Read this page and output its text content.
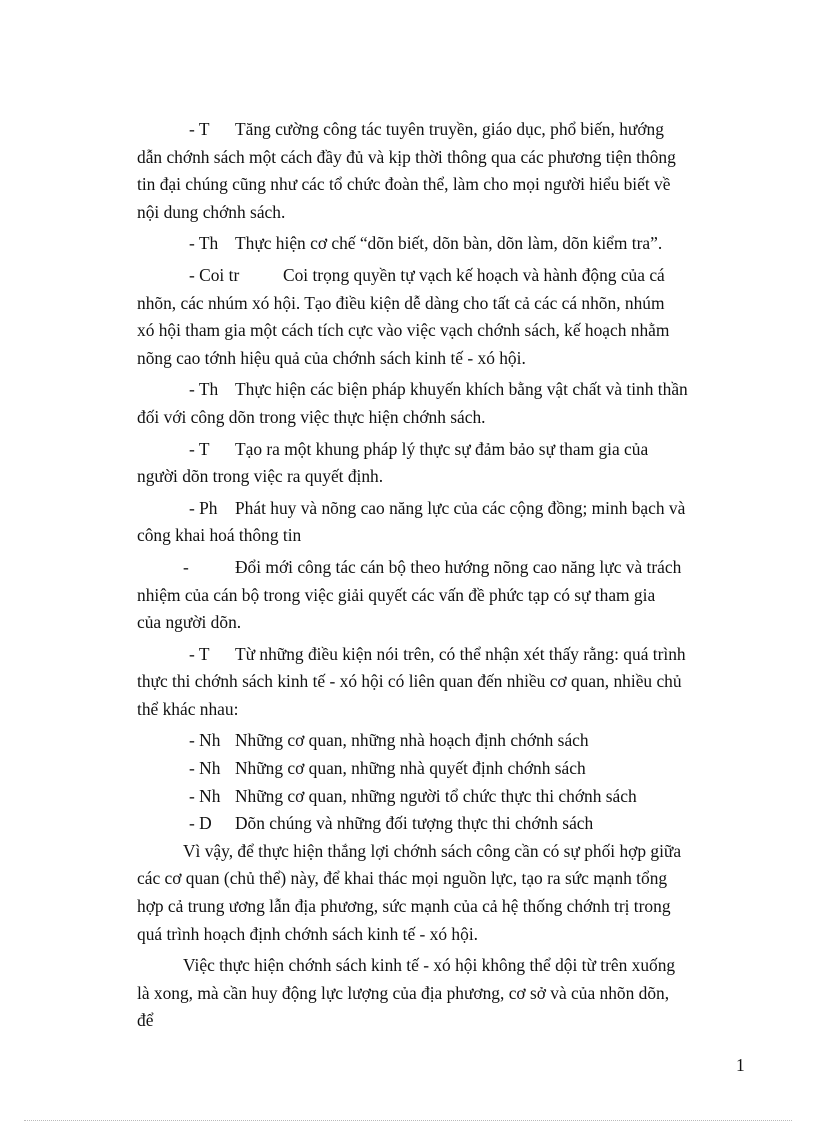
- T	Tăng cường công tác tuyên truyền, giáo dục, phổ biến, hướng
dẫn chớnh sách một cách đầy đủ và kịp thời thông qua các phương tiện thông
tin đại chúng cũng như các tổ chức đoàn thể, làm cho mọi người hiểu biết về
nội dung chớnh sách.
- Th Thực hiện cơ chế “dõn biết, dõn bàn, dõn làm, dõn kiểm tra”.
- Coi tr	Coi trọng quyền tự vạch kế hoạch và hành động của cá
nhõn, các nhúm xó hội. Tạo điều kiện dễ dàng cho tất cả các cá nhõn, nhúm
xó hội tham gia một cách tích cực vào việc vạch chớnh sách, kế hoạch nhằm
nõng cao tớnh hiệu quả của chớnh sách kinh tế - xó hội.
- Th Thực hiện các biện pháp khuyến khích bằng vật chất và tinh thần
đối với công dõn trong việc thực hiện chớnh sách.
- T	Tạo ra một khung pháp lý thực sự đảm bảo sự tham gia của
người dõn trong việc ra quyết định.
- Ph	Phát huy và nõng cao năng lực của các cộng đồng; minh bạch và
công khai hoá thông tin
-	Đổi mới công tác cán bộ theo hướng nõng cao năng lực và trách
nhiệm của cán bộ trong việc giải quyết các vấn đề phức tạp có sự tham gia
của người dõn.
- T	Từ những điều kiện nói trên, có thể nhận xét thấy rằng: quá trình
thực thi chớnh sách kinh tế - xó hội có liên quan đến nhiều cơ quan, nhiều chủ
thể khác nhau:
- Nh Những cơ quan, những nhà hoạch định chớnh sách
- Nh Những cơ quan, những nhà quyết định chớnh sách
- Nh Những cơ quan, những người tổ chức thực thi chớnh sách
- D	Dõn chúng và những đối tượng thực thi chớnh sách
Vì vậy, để thực hiện thắng lợi chớnh sách công cần có sự phối hợp giữa
các cơ quan (chủ thể) này, để khai thác mọi nguồn lực, tạo ra sức mạnh tổng
hợp cả trung ương lẫn địa phương, sức mạnh của cả hệ thống chớnh trị trong
quá trình hoạch định chớnh sách kinh tế - xó hội.
Việc thực hiện chớnh sách kinh tế - xó hội không thể dội từ trên xuống
là xong, mà cần huy động lực lượng của địa phương, cơ sở và của nhõn dõn,
để
1
